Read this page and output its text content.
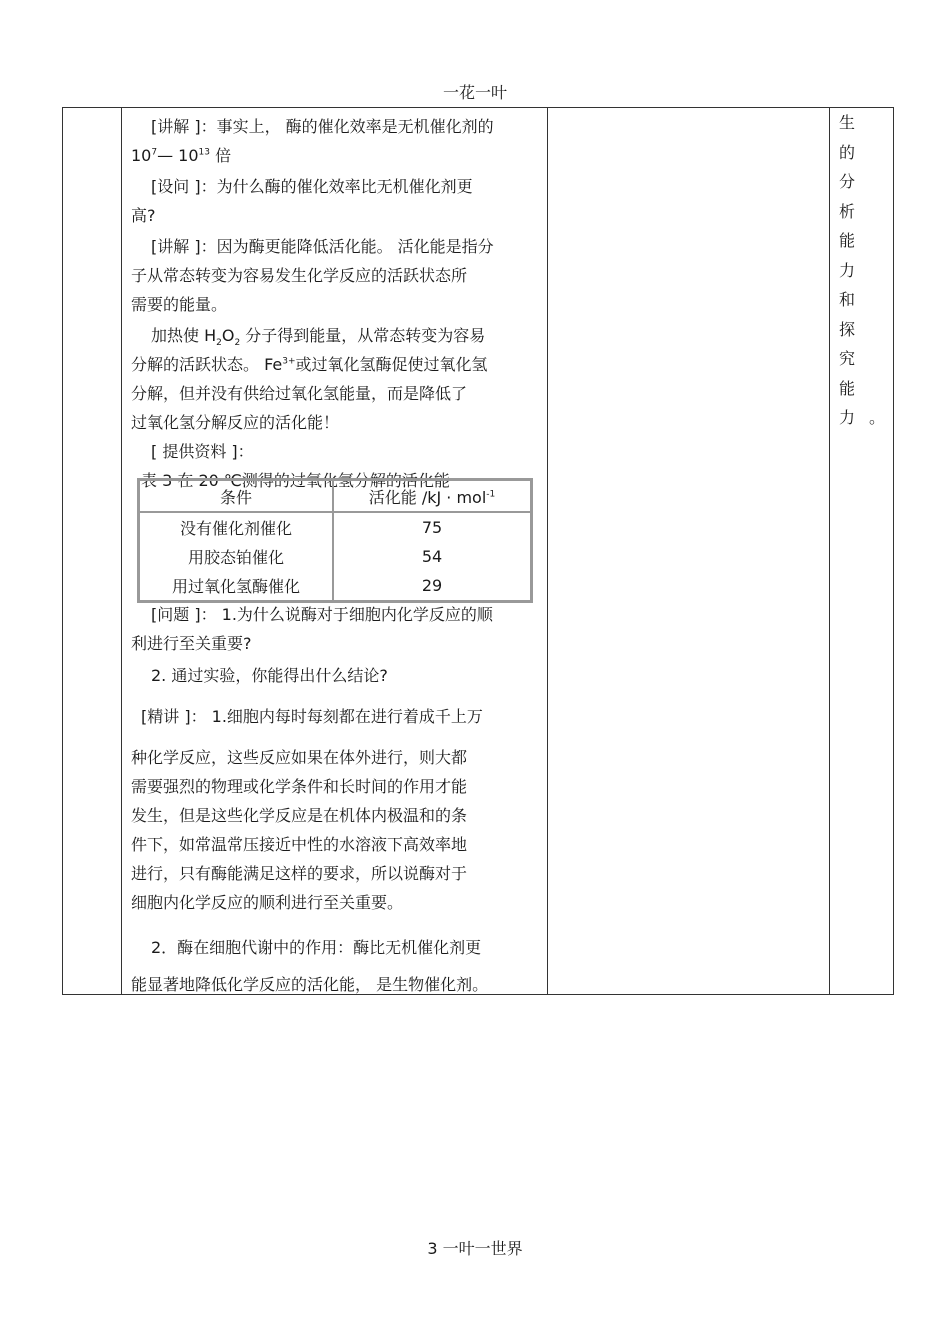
一花一叶
[讲解 ]：事实上， 酶的催化效率是无机催化剂的
$10^7—$ $10^{13}$ 倍
[设问 ]：为什么酶的催化效率比无机催化剂更
高?
[讲解 ]：因为酶更能降低活化能。 活化能是指分
子从常态转变为容易发生化学反应的活跃状态所
需要的能量。
加热使 $H_2O_2$ 分子得到能量，从常态转变为容易
分解的活跃状态。 $Fe^{3+}$或过氧化氢酶促使过氧化氢
分解，但并没有供给过氧化氢能量，而是降低了
过氧化氢分解反应的活化能！
[ 提供资料 ]：
表 3 在 20 ℃测得的过氧化氢分解的活化能
条件	活化能 /kJ · mol$^{-1}$
没有催化剂催化	75
用胶态铂催化	54
用过氧化氢酶催化	29
[问题 ]： 1.为什么说酶对于细胞内化学反应的顺
利进行至关重要?
2. 通过实验，你能得出什么结论?
[精讲 ]： 1.细胞内每时每刻都在进行着成千上万
种化学反应，这些反应如果在体外进行，则大都
需要强烈的物理或化学条件和长时间的作用才能
发生，但是这些化学反应是在机体内极温和的条
件下，如常温常压接近中性的水溶液下高效率地
进行，只有酶能满足这样的要求，所以说酶对于
细胞内化学反应的顺利进行至关重要。
2．酶在细胞代谢中的作用：酶比无机催化剂更
能显著地降低化学反应的活化能， 是生物催化剂。
生的
分析
能力
和探
究能
力。
3 一叶一世界
